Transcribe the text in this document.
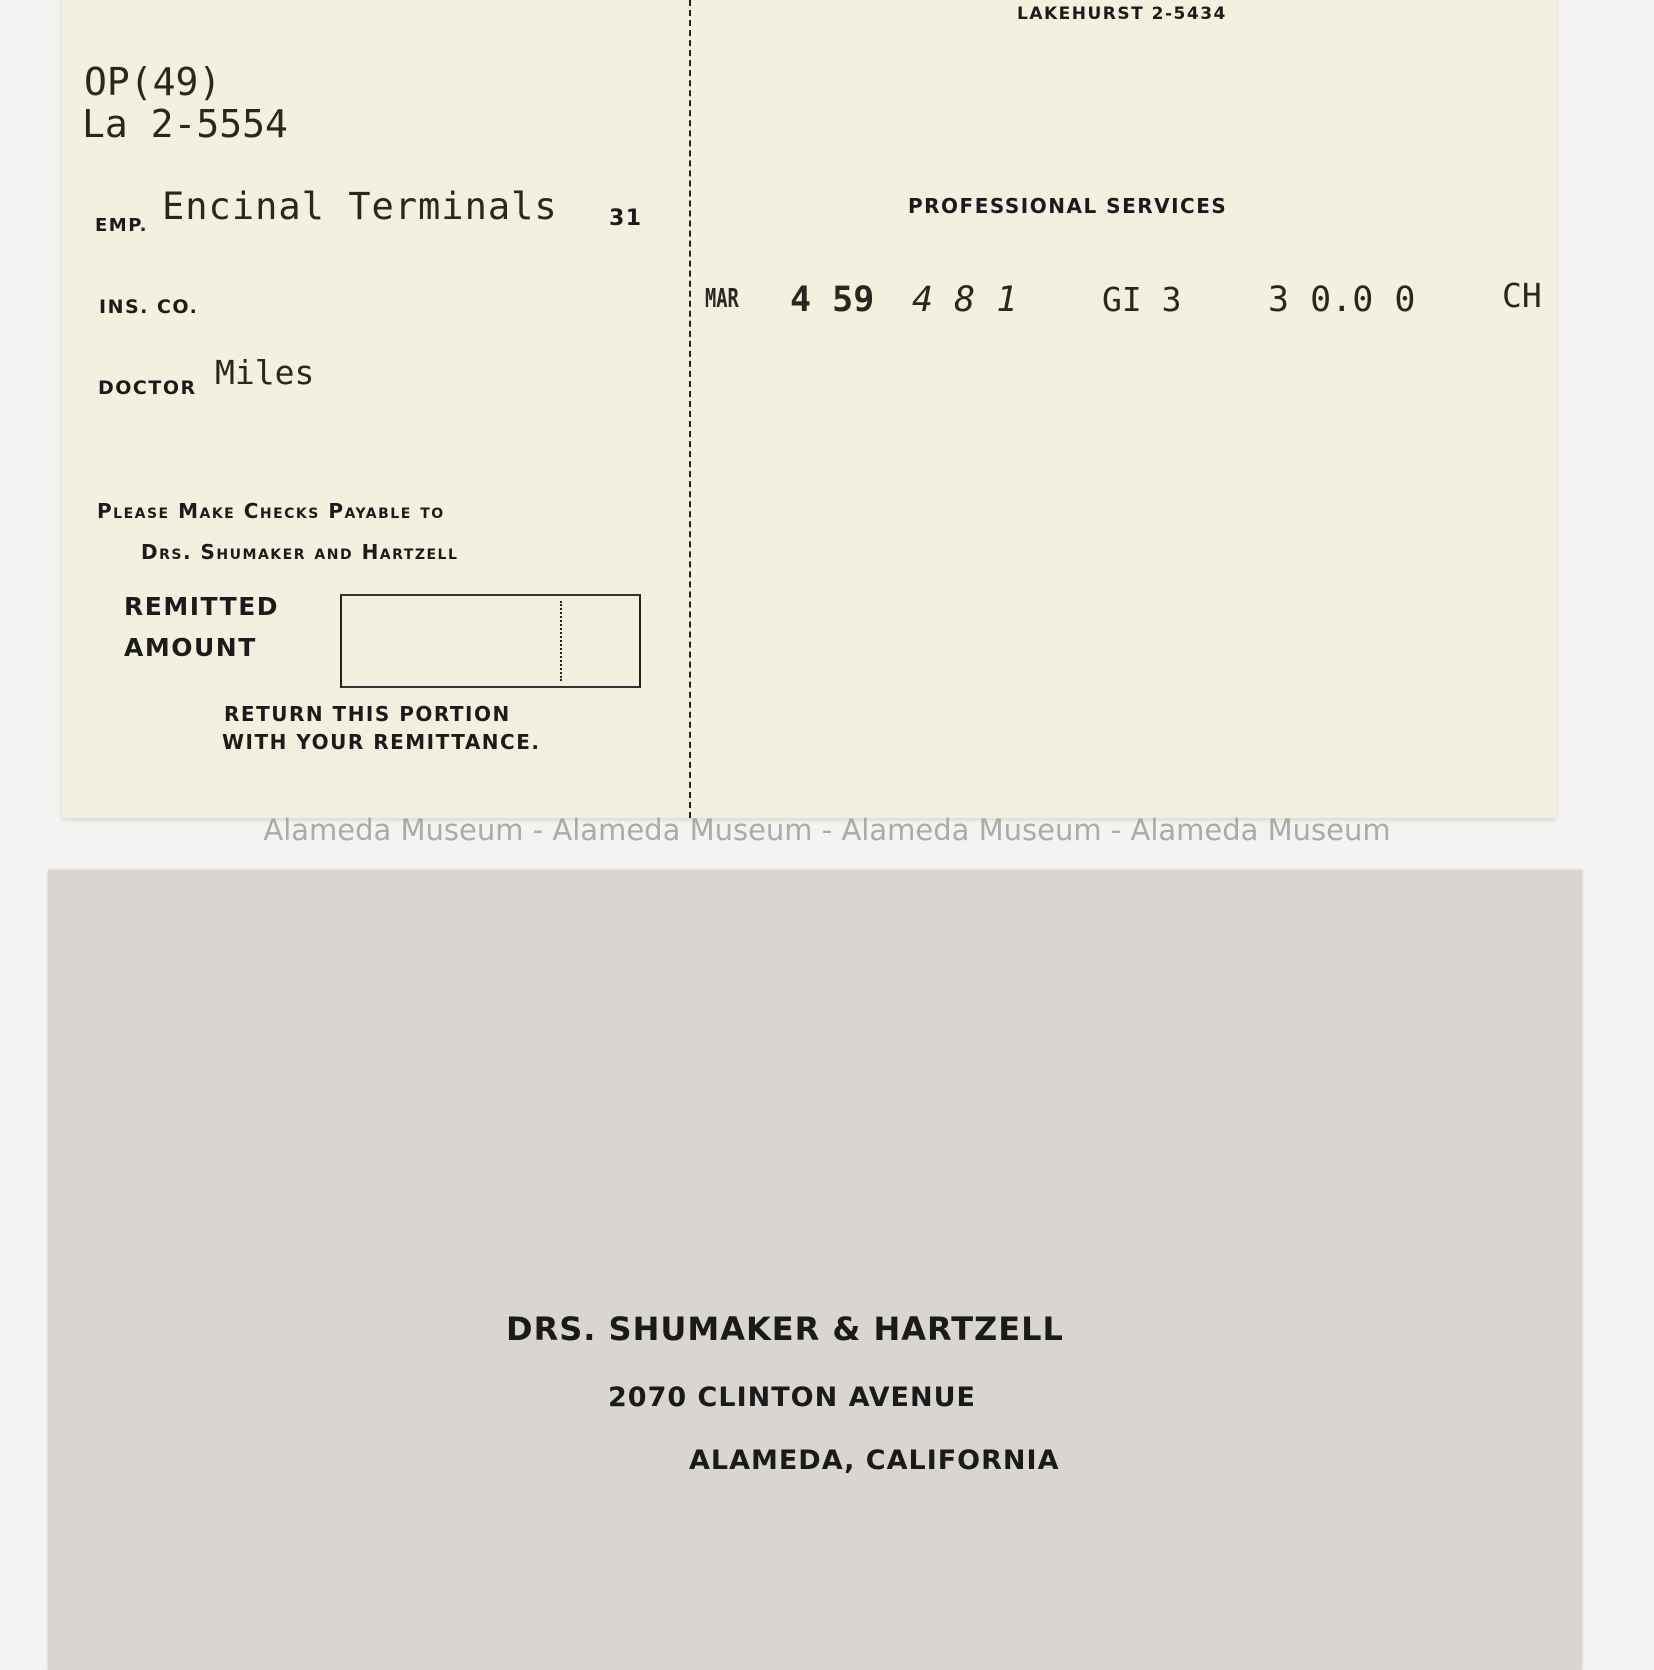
LAKEHURST 2-5434
OP(49)
La 2-5554
EMP. Encinal Terminals 31
INS. CO.
DOCTOR Miles
Please Make Checks Payable to
Drs. Shumaker and Hartzell
REMITTED
AMOUNT
RETURN THIS PORTION
WITH YOUR REMITTANCE.
PROFESSIONAL SERVICES
MAR 4 59 4 8 1	GI 3 3 0.0 0	CH
Alameda Museum - Alameda Museum - Alameda Museum - Alameda Museum
DRS. SHUMAKER & HARTZELL
2070 CLINTON AVENUE
ALAMEDA, CALIFORNIA
